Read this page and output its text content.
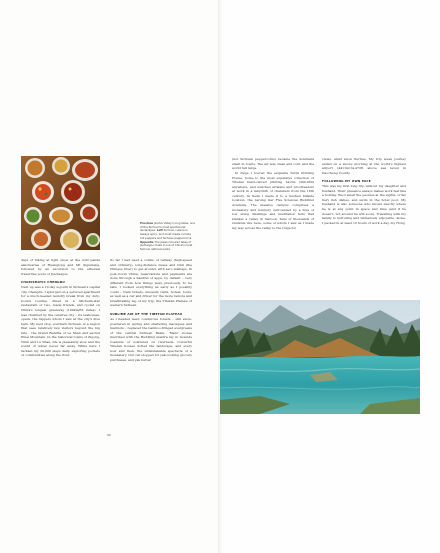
Previous Jiuzhai Valley's long lakes, one of the Sichuan's most spectacular landscapes. Left Sichuan cuisine is always spicy, and most meals include hot peppers and Sichuan peppercorns. Opposite The jewel-coloured lakes of Jiuzhaigou make it one of China's most famous national parks.

days of hiking at light snow at the wild panda sanctuaries of Huanglong and Mt Siguniang, followed by an excursion to the ethereal travertine pools of Jiuzhaigou.

CHARISMATIC CHENGDU

Next up was a 10-day sojourn in Sichuan's capital city, Chengdu. I splurged on a serviced apartment for a much-needed laundry break from my duty-bound routine, dined in a Michelin-star restaurant or two, made friends, and cycled on China's longest greenway (100km/62 miles). I was charmed by the carefree city – its teahouses, opera, the rappers whom I saw at the city's dive bars. My next stop, southern Sichuan, is a region that sees relatively few visitors beyond the big hits – the Grand Buddha of Le Shan and sacred Emei Mountain. In the historical towns of Zigong, Yibin and Lu Shan, life is pleasantly slow and the sound of water never far away. While here I tackled my 20,000 steps daily, exploring pockets of communities along the river.

So far I had used a combo of railway (high-speed and ordinary), long-distance buses and Didi (the Chinese Uber) to get around, with zero mishaps. In post-Covid China, reservations and payments are done through a handful of apps, by default – very different from how things were previously. To be safe, I booked everything as early as I possibly could – train tickets, museum visits, hotels, tours, as well as a car and driver for the more remote and breathtaking leg of my trip, the Tibetan Plateau of western Sichuan.

SUBLIME AIR OF THE TIBETAN PLATEAU

As I headed west, coniferous forests – still snow-powdered in spring and sheltering macaques and marmots – replaced the bamboo-fringed evergreens of the central Sichuan Basin. 'Mani' stones inscribed with the Buddhist mantra lay in mounds roadside or scattered on riverbeds. Colourful Tibetan houses dotted the landscape, and every now and then, the unmistakable spectacle of a monastery. Our car stopped for yak-cooking grocery purchases, and yak butter

(not Sichuan peppercorns) became the dominant smell in towns. The air was clean and cold, and the world felt large.

In Dêge I toured the exquisite Sutra Printing House, home to the most expansive collection of Tibetan hand-carved printing blocks (300,000) anywhere, and watched artisans and proofreaders at work in a labyrinth of chambers from the 18th century. In Seda I made it to a hushed hillside location, the Larung Gar Five Sciences Buddhist Academy. The massive campus comprises a monastery and nunnery surrounded by a hive of low slung dwellings and meditation huts that blanket a valley in maroon. Tens of thousands of students live here, some of whom I saw as I made my way across the valley to the ridge for

views, amid snow flurries. My trip week journey ended on a snowy morning at the world's highest airport (4411m/14,472ft above sea level) in Daocheng County.

FOLLOWING MY OWN PACE

This was my first long trip without my daughter and husband. Their presence always makes work feel like a holiday. We'd smell the peonies at the sights, order fiery fish dishes, and swim in the hotel pool. My husband is also someone who knows exactly where he is at any point in space and time (and if he doesn't, not around he will soon). Travelling with my family is nurturing and immensely enjoyable. Alone, I packed in at least 12 hours of work a day, my Hong

96
